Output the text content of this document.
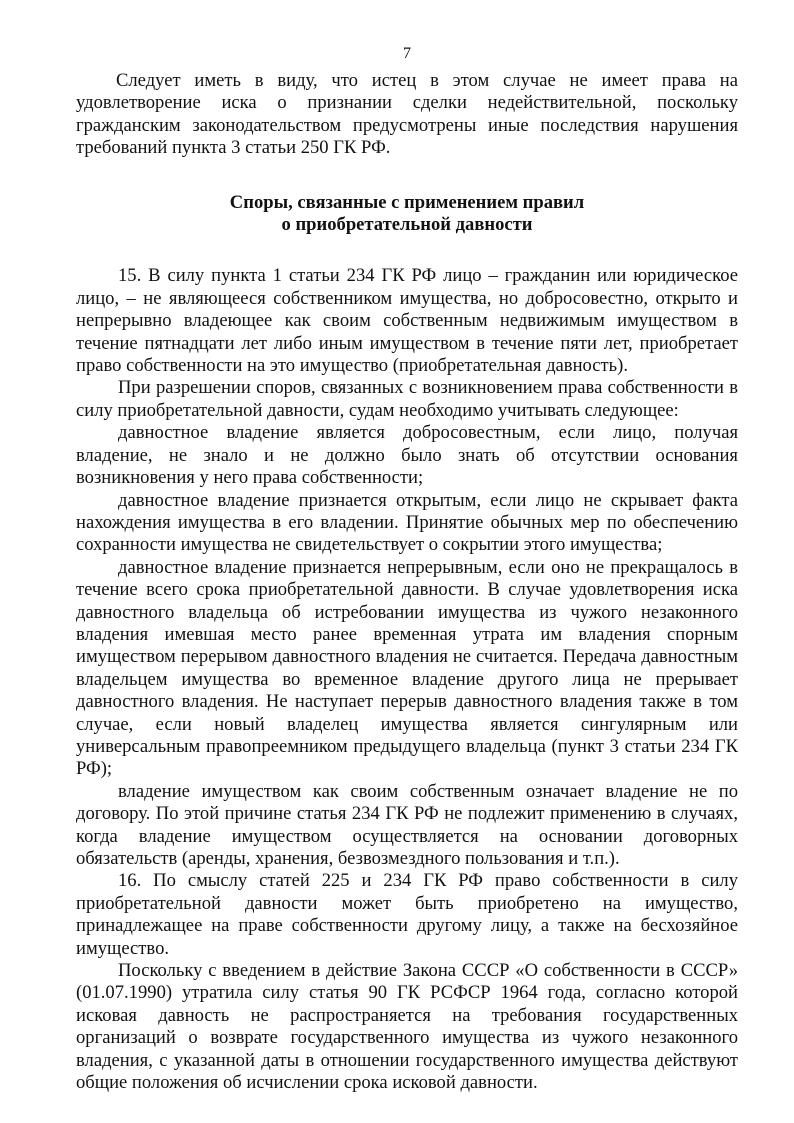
7

Следует иметь в виду, что истец в этом случае не имеет права на удовлетворение иска о признании сделки недействительной, поскольку гражданским законодательством предусмотрены иные последствия нарушения требований пункта 3 статьи 250 ГК РФ.

Споры, связанные с применением правил
о приобретательной давности

15. В силу пункта 1 статьи 234 ГК РФ лицо – гражданин или юридическое лицо, – не являющееся собственником имущества, но добросовестно, открыто и непрерывно владеющее как своим собственным недвижимым имуществом в течение пятнадцати лет либо иным имуществом в течение пяти лет, приобретает право собственности на это имущество (приобретательная давность).

При разрешении споров, связанных с возникновением права собственности в силу приобретательной давности, судам необходимо учитывать следующее:

давностное владение является добросовестным, если лицо, получая владение, не знало и не должно было знать об отсутствии основания возникновения у него права собственности;

давностное владение признается открытым, если лицо не скрывает факта нахождения имущества в его владении. Принятие обычных мер по обеспечению сохранности имущества не свидетельствует о сокрытии этого имущества;

давностное владение признается непрерывным, если оно не прекращалось в течение всего срока приобретательной давности. В случае удовлетворения иска давностного владельца об истребовании имущества из чужого незаконного владения имевшая место ранее временная утрата им владения спорным имуществом перерывом давностного владения не считается. Передача давностным владельцем имущества во временное владение другого лица не прерывает давностного владения. Не наступает перерыв давностного владения также в том случае, если новый владелец имущества является сингулярным или универсальным правопреемником предыдущего владельца (пункт 3 статьи 234 ГК РФ);

владение имуществом как своим собственным означает владение не по договору. По этой причине статья 234 ГК РФ не подлежит применению в случаях, когда владение имуществом осуществляется на основании договорных обязательств (аренды, хранения, безвозмездного пользования и т.п.).

16. По смыслу статей 225 и 234 ГК РФ право собственности в силу приобретательной давности может быть приобретено на имущество, принадлежащее на праве собственности другому лицу, а также на бесхозяйное имущество.

Поскольку с введением в действие Закона СССР «О собственности в СССР» (01.07.1990) утратила силу статья 90 ГК РСФСР 1964 года, согласно которой исковая давность не распространяется на требования государственных организаций о возврате государственного имущества из чужого незаконного владения, с указанной даты в отношении государственного имущества действуют общие положения об исчислении срока исковой давности.
